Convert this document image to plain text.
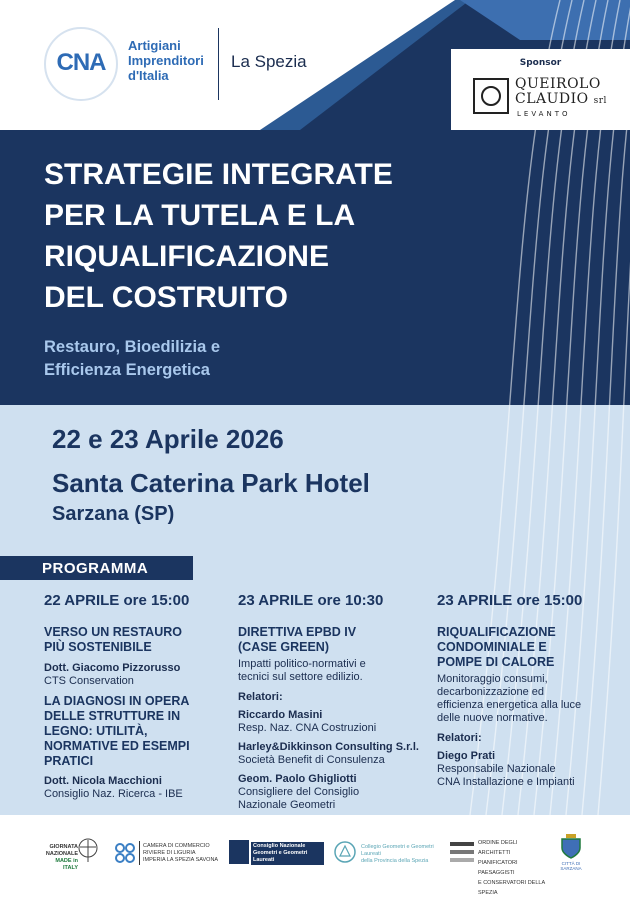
CNA
Artigiani
Imprenditori
d'Italia
La Spezia	Sponsor
QUEIROLO
CLAUDIO srl
LEVANTO
STRATEGIE INTEGRATE
PER LA TUTELA E LA
RIQUALIFICAZIONE
DEL COSTRUITO
Restauro, Bioedilizia e
Efficienza Energetica
22 e 23 Aprile 2026
Santa Caterina Park Hotel
Sarzana (SP)
PROGRAMMA
22 APRILE ore 15:00
VERSO UN RESTAURO
PIÙ SOSTENIBILE
Dott. Giacomo Pizzorusso
CTS Conservation
LA DIAGNOSI IN OPERA
DELLE STRUTTURE IN
LEGNO: UTILITÀ,
NORMATIVE ED ESEMPI
PRATICI
Dott. Nicola Macchioni
Consiglio Naz. Ricerca - IBE
23 APRILE ore 10:30
DIRETTIVA EPBD IV
(CASE GREEN)
Impatti politico-normativi e
tecnici sul settore edilizio.
Relatori:
Riccardo Masini
Resp. Naz. CNA Costruzioni
Harley&Dikkinson Consulting S.r.l.
Società Benefit di Consulenza
Geom. Paolo Ghigliotti
Consigliere del Consiglio
Nazionale Geometri
23 APRILE ore 15:00
RIQUALIFICAZIONE
CONDOMINIALE E
POMPE DI CALORE
Monitoraggio consumi,
decarbonizzazione ed
efficienza energetica alla luce
delle nuove normative.
Relatori:
Diego Prati
Responsabile Nazionale
CNA Installazione e Impianti
GIORNATA
NAZIONALE
MADE in ITALY
CAMERA DI COMMERCIO
RIVIERE DI LIGURIA
IMPERIA LA SPEZIA SAVONA
Consiglio Nazionale
Geometri e Geometri Laureati
Collegio Geometri e Geometri Laureati
della Provincia della Spezia
ORDINE DEGLI ARCHITETTI
PIANIFICATORI PAESAGGISTI
E CONSERVATORI DELLA SPEZIA
CITTÀ DI
SARZANA
